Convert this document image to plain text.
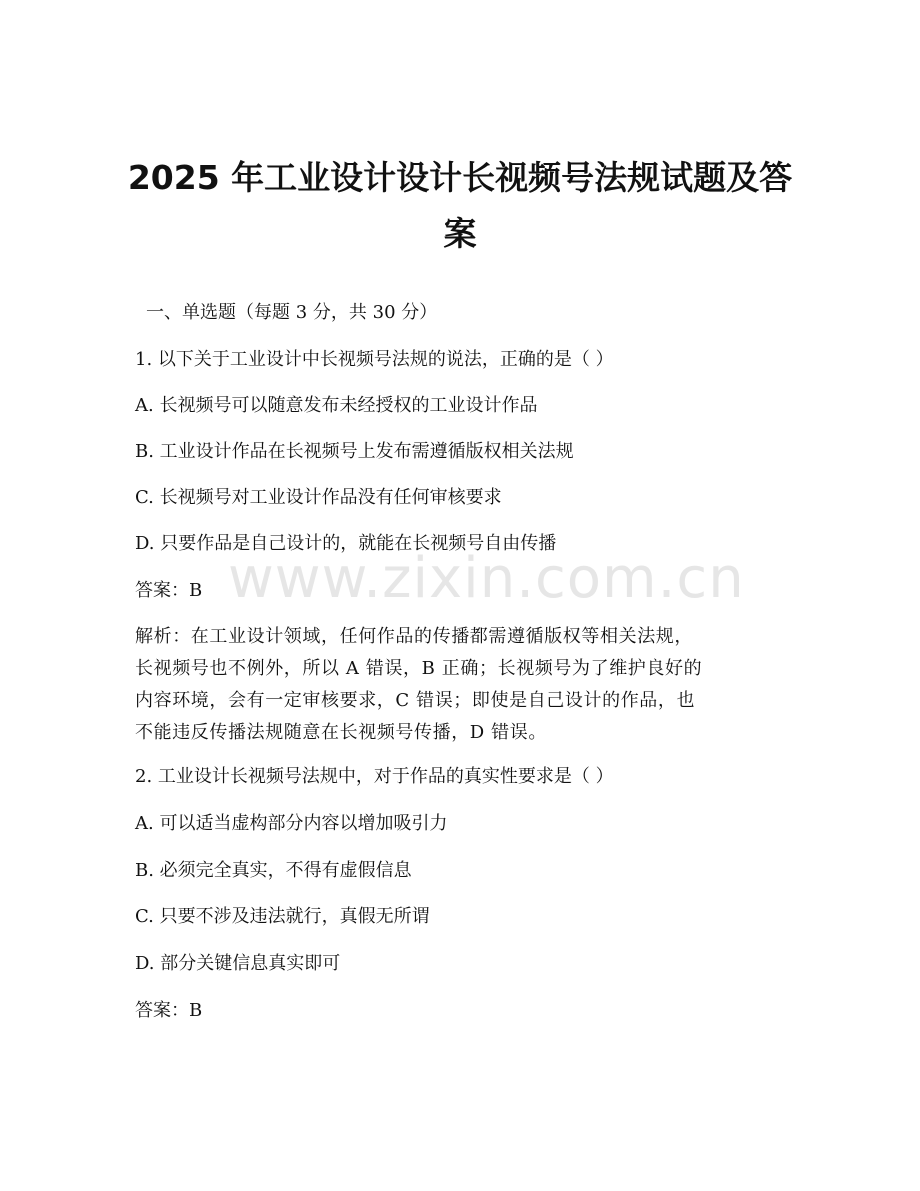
www.zixin.com.cn
2025 年工业设计设计长视频号法规试题及答
案
一、单选题（每题 3 分，共 30 分）
1. 以下关于工业设计中长视频号法规的说法，正确的是（ ）
A. 长视频号可以随意发布未经授权的工业设计作品
B. 工业设计作品在长视频号上发布需遵循版权相关法规
C. 长视频号对工业设计作品没有任何审核要求
D. 只要作品是自己设计的，就能在长视频号自由传播
答案：B
解析：在工业设计领域，任何作品的传播都需遵循版权等相关法规，
长视频号也不例外，所以 A 错误，B 正确；长视频号为了维护良好的
内容环境，会有一定审核要求，C 错误；即使是自己设计的作品，也
不能违反传播法规随意在长视频号传播，D 错误。
2. 工业设计长视频号法规中，对于作品的真实性要求是（ ）
A. 可以适当虚构部分内容以增加吸引力
B. 必须完全真实，不得有虚假信息
C. 只要不涉及违法就行，真假无所谓
D. 部分关键信息真实即可
答案：B
